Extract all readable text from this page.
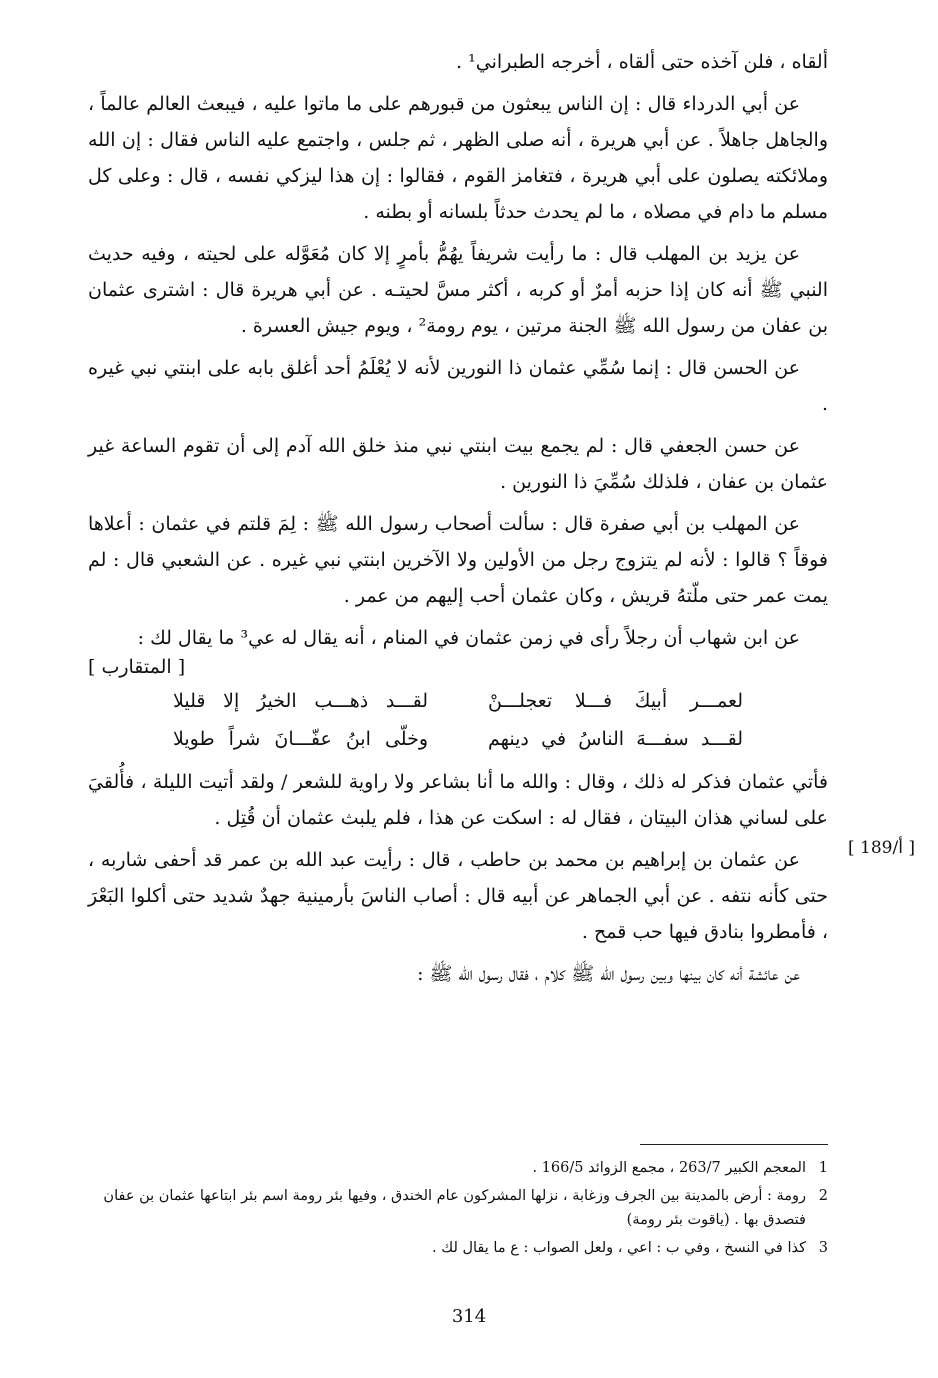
ألقاه ، فلن آخذه حتى ألقاه ، أخرجه الطبراني¹ .

عن أبي الدرداء قال : إن الناس يبعثون من قبورهم على ما ماتوا عليه ، فيبعث العالم عالماً ، والجاهل جاهلاً . عن أبي هريرة ، أنه صلى الظهر ، ثم جلس ، واجتمع عليه الناس فقال : إن الله وملائكته يصلون على أبي هريرة ، فتغامز القوم ، فقالوا : إن هذا ليزكي نفسه ، قال : وعلى كل مسلم ما دام في مصلاه ، ما لم يحدث حدثاً بلسانه أو بطنه .

عن يزيد بن المهلب قال : ما رأيت شريفاً يهُمُّ بأمرٍ إلا كان مُعَوَّله على لحيته ، وفيه حديث النبي ﷺ أنه كان إذا حزبه أمرٌ أو كربه ، أكثر مسَّ لحيتـه . عن أبي هريرة قال : اشترى عثمان بن عفان من رسول الله ﷺ الجنة مرتين ، يوم رومة² ، ويوم جيش العسرة .

عن الحسن قال : إنما سُمِّي عثمان ذا النورين لأنه لا يُعْلَمُ أحد أغلق بابه على ابنتي نبي غيره .

عن حسن الجعفي قال : لم يجمع بيت ابنتي نبي منذ خلق الله آدم إلى أن تقوم الساعة غير عثمان بن عفان ، فلذلك سُمِّيَ ذا النورين .

عن المهلب بن أبي صفرة قال : سألت أصحاب رسول الله ﷺ : لِمَ قلتم في عثمان : أعلاها فوقاً ؟ قالوا : لأنه لم يتزوج رجل من الأولين ولا الآخرين ابنتي نبي غيره . عن الشعبي قال : لم يمت عمر حتى ملّتهُ قريش ، وكان عثمان أحب إليهم من عمر .

عن ابن شهاب أن رجلاً رأى في زمن عثمان في المنام ، أنه يقال له عي³ ما يقال لك :

[ المتقارب ]
لعمـــر أبيكَ فـــلا تعجلـــنْ
لقـــد ذهـــب الخيرُ إلا قليلا
لقـــد سفـــهَ الناسُ في دينهم
وخلّى ابنُ عفّـــانَ شراً طويلا

فأتي عثمان فذكر له ذلك ، وقال : والله ما أنا بشاعر ولا راوية للشعر / ولقد أتيت الليلة ، فأُلقيَ على لساني هذان البيتان ، فقال له : اسكت عن هذا ، فلم يلبث عثمان أن قُتِل .

عن عثمان بن إبراهيم بن محمد بن حاطب ، قال : رأيت عبد الله بن عمر قد أحفى شاربه ، حتى كأنه نتفه . عن أبي الجماهر عن أبيه قال : أصاب الناسَ بأرمينية جهدٌ شديد حتى أكلوا البَعْرَ ، فأمطروا بنادق فيها حب قمح .

عن عائشة أنه كان بينها وبين رسول الله ﷺ كلام ، فقال رسول الله ﷺ :

[ 189/أ ]
1
المعجم الكبير 263/7 ، مجمع الزوائد 166/5 .
2
رومة : أرض بالمدينة بين الجرف وزغابة ، نزلها المشركون عام الخندق ، وفيها بئر رومة اسم بئر ابتاعها عثمان بن عفان فتصدق بها . (ياقوت بئر رومة)
3
كذا في النسخ ، وفي ب : اعي ، ولعل الصواب : ع ما يقال لك .
314
